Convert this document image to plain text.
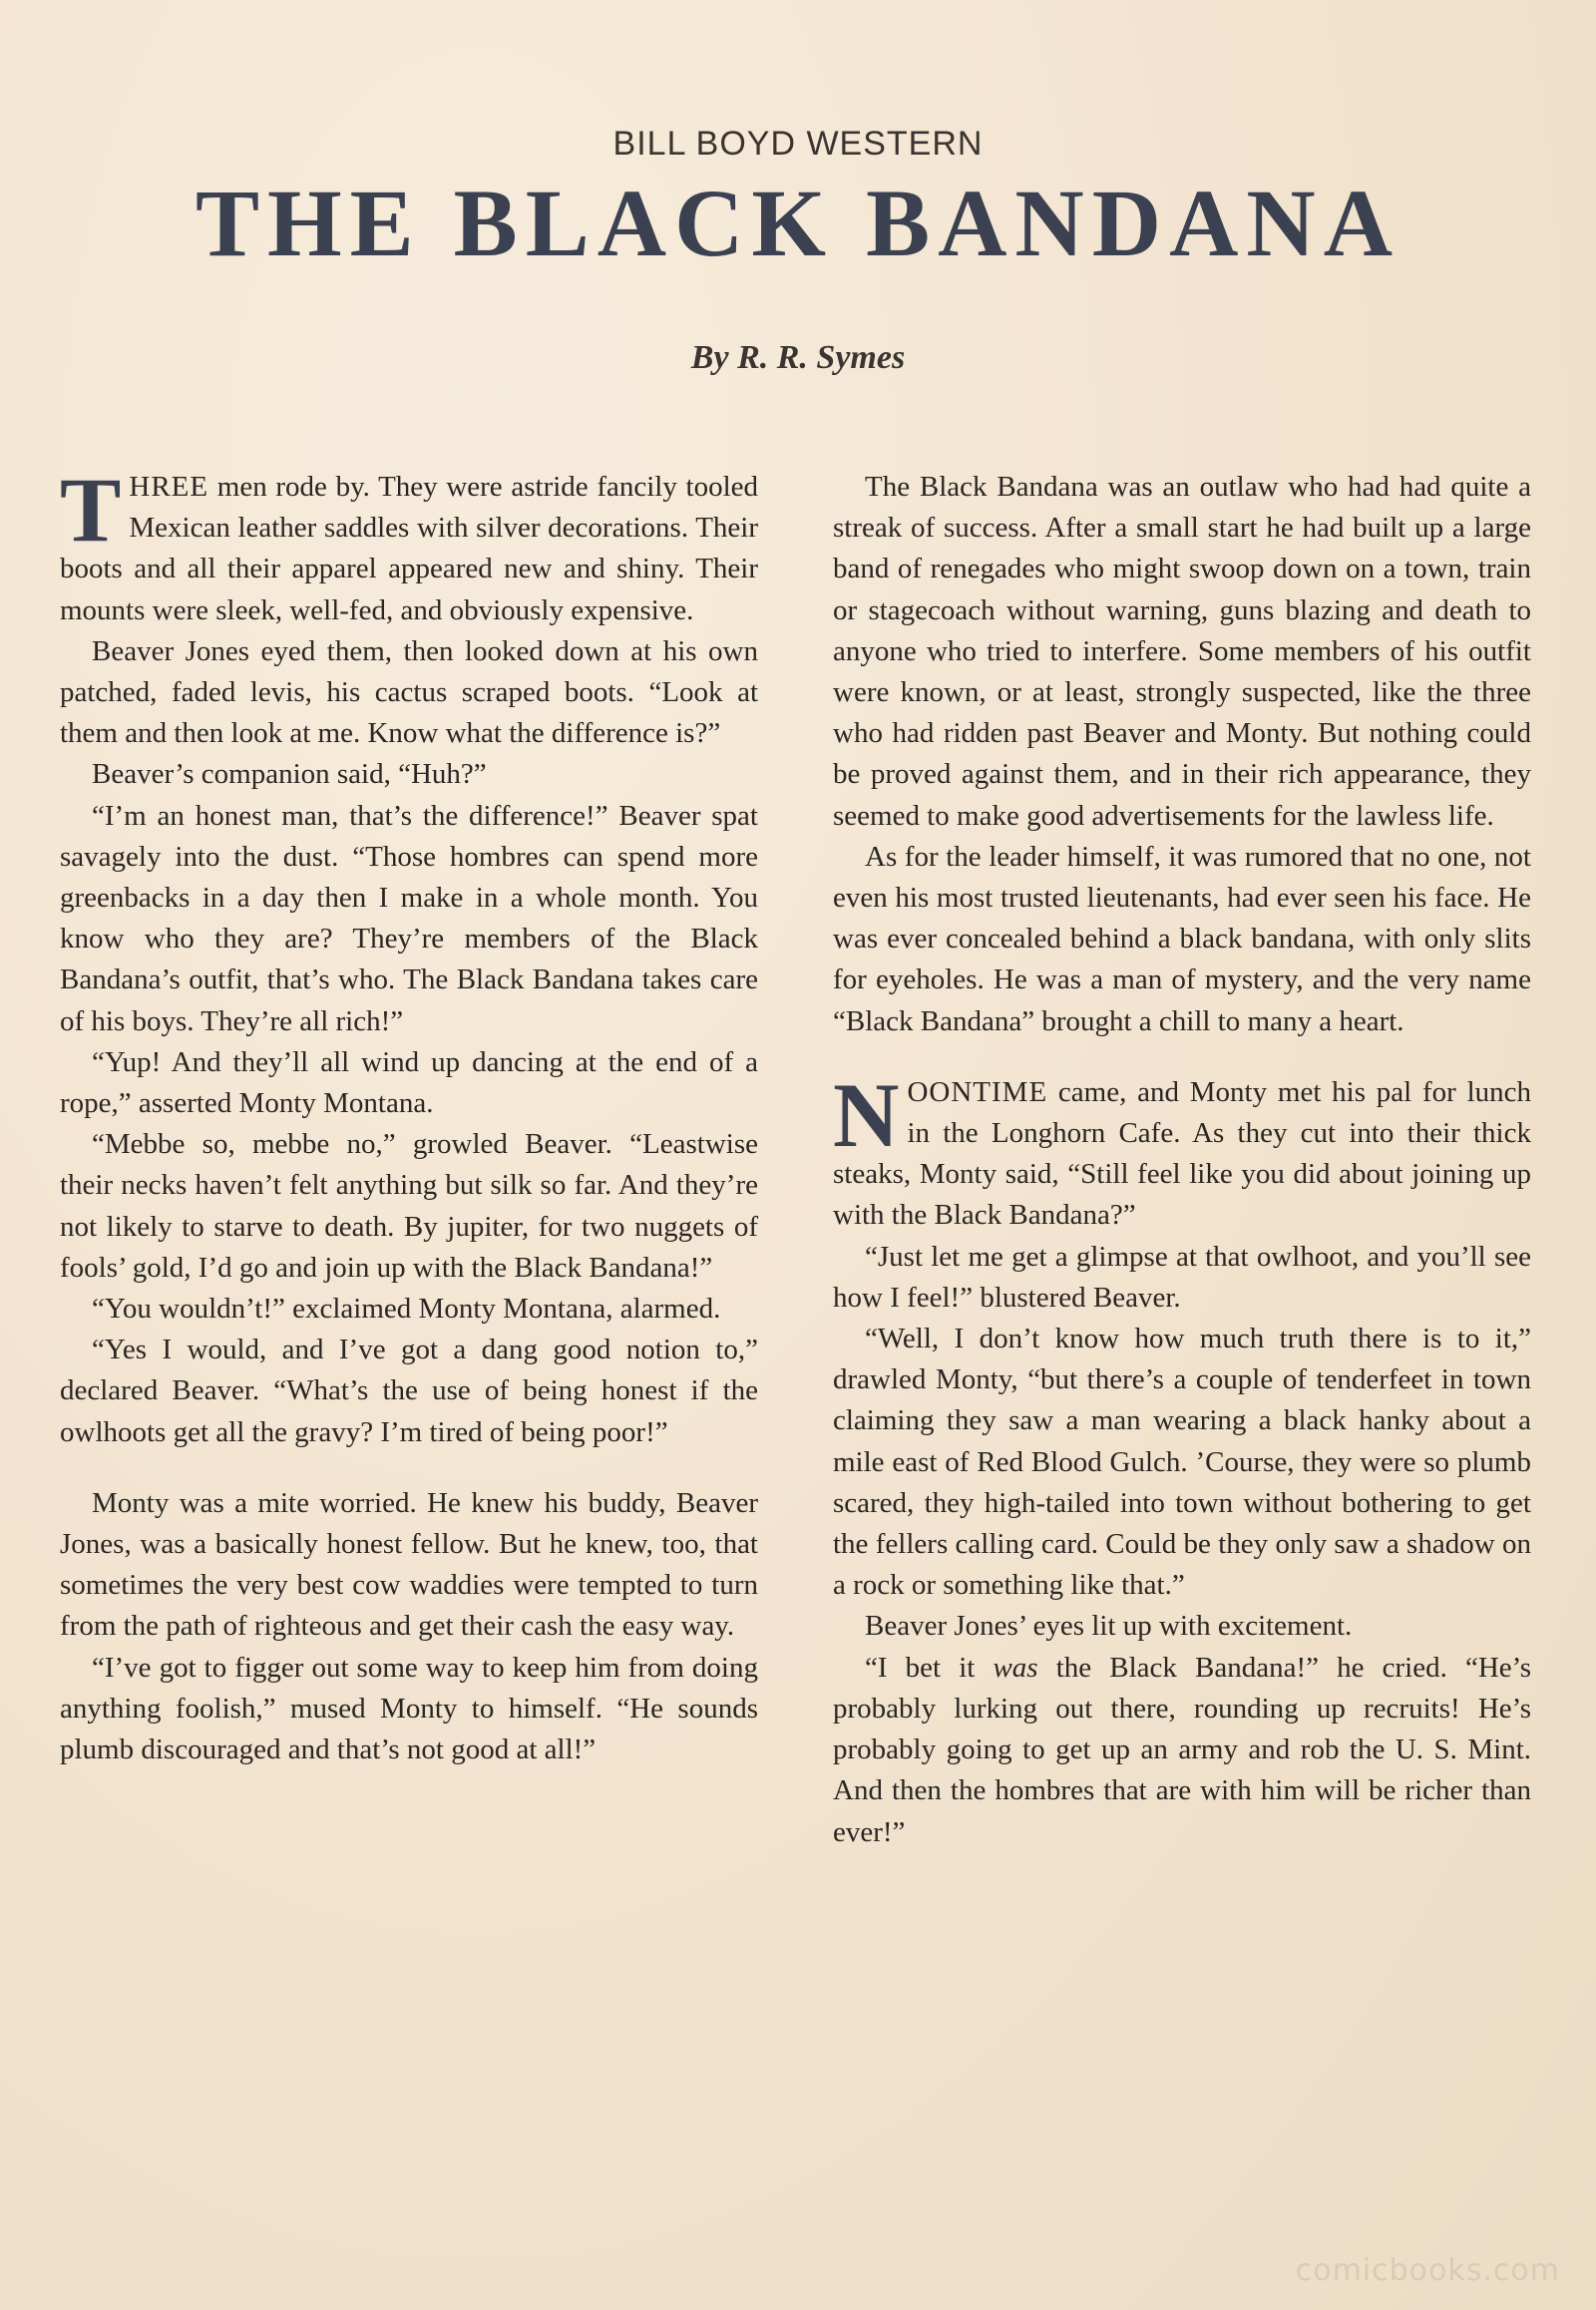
BILL BOYD WESTERN
THE BLACK BANDANA
By R. R. Symes

THREE men rode by. They were astride fancily tooled Mexican leather saddles with silver decorations. Their boots and all their apparel appeared new and shiny. Their mounts were sleek, well-fed, and obviously expensive.

Beaver Jones eyed them, then looked down at his own patched, faded levis, his cactus scraped boots. “Look at them and then look at me. Know what the difference is?”

Beaver’s companion said, “Huh?”

“I’m an honest man, that’s the difference!” Beaver spat savagely into the dust. “Those hombres can spend more greenbacks in a day then I make in a whole month. You know who they are? They’re members of the Black Bandana’s outfit, that’s who. The Black Bandana takes care of his boys. They’re all rich!”

“Yup! And they’ll all wind up dancing at the end of a rope,” asserted Monty Montana.

“Mebbe so, mebbe no,” growled Beaver. “Leastwise their necks haven’t felt anything but silk so far. And they’re not likely to starve to death. By jupiter, for two nuggets of fools’ gold, I’d go and join up with the Black Bandana!”

“You wouldn’t!” exclaimed Monty Montana, alarmed.

“Yes I would, and I’ve got a dang good notion to,” declared Beaver. “What’s the use of being honest if the owlhoots get all the gravy? I’m tired of being poor!”

Monty was a mite worried. He knew his buddy, Beaver Jones, was a basically honest fellow. But he knew, too, that sometimes the very best cow waddies were tempted to turn from the path of righteous and get their cash the easy way.

“I’ve got to figger out some way to keep him from doing anything foolish,” mused Monty to himself. “He sounds plumb discouraged and that’s not good at all!”

The Black Bandana was an outlaw who had had quite a streak of success. After a small start he had built up a large band of renegades who might swoop down on a town, train or stagecoach without warning, guns blazing and death to anyone who tried to interfere. Some members of his outfit were known, or at least, strongly suspected, like the three who had ridden past Beaver and Monty. But nothing could be proved against them, and in their rich appearance, they seemed to make good advertisements for the lawless life.

As for the leader himself, it was rumored that no one, not even his most trusted lieutenants, had ever seen his face. He was ever concealed behind a black bandana, with only slits for eyeholes. He was a man of mystery, and the very name “Black Bandana” brought a chill to many a heart.

NOONTIME came, and Monty met his pal for lunch in the Longhorn Cafe. As they cut into their thick steaks, Monty said, “Still feel like you did about joining up with the Black Bandana?”

“Just let me get a glimpse at that owlhoot, and you’ll see how I feel!” blustered Beaver.

“Well, I don’t know how much truth there is to it,” drawled Monty, “but there’s a couple of tenderfeet in town claiming they saw a man wearing a black hanky about a mile east of Red Blood Gulch. ’Course, they were so plumb scared, they high-tailed into town without bothering to get the fellers calling card. Could be they only saw a shadow on a rock or something like that.”

Beaver Jones’ eyes lit up with excitement.

“I bet it was the Black Bandana!” he cried. “He’s probably lurking out there, rounding up recruits! He’s probably going to get up an army and rob the U. S. Mint. And then the hombres that are with him will be richer than ever!”

comicbooks.com
